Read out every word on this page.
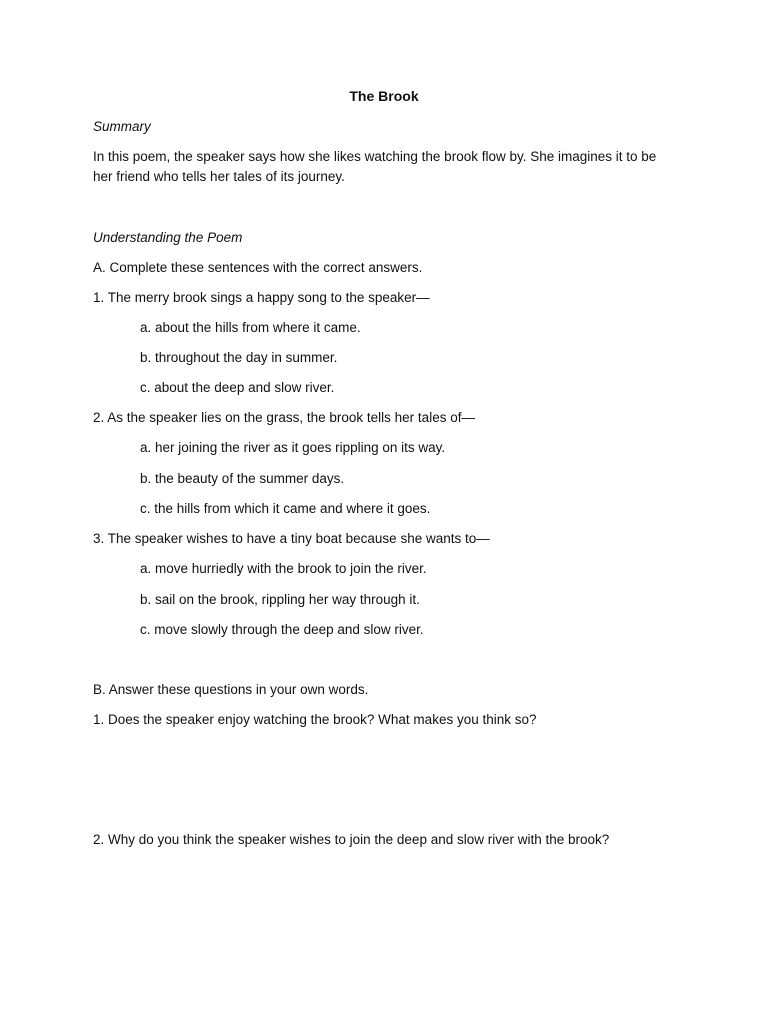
The Brook

Summary

In this poem, the speaker says how she likes watching the brook flow by. She imagines it to be her friend who tells her tales of its journey.

Understanding the Poem

A. Complete these sentences with the correct answers.

1. The merry brook sings a happy song to the speaker—

a. about the hills from where it came.

b. throughout the day in summer.

c. about the deep and slow river.

2. As the speaker lies on the grass, the brook tells her tales of—

a. her joining the river as it goes rippling on its way.

b. the beauty of the summer days.

c. the hills from which it came and where it goes.

3. The speaker wishes to have a tiny boat because she wants to—

a. move hurriedly with the brook to join the river.

b. sail on the brook, rippling her way through it.

c. move slowly through the deep and slow river.

B. Answer these questions in your own words.

1. Does the speaker enjoy watching the brook? What makes you think so?

2. Why do you think the speaker wishes to join the deep and slow river with the brook?
